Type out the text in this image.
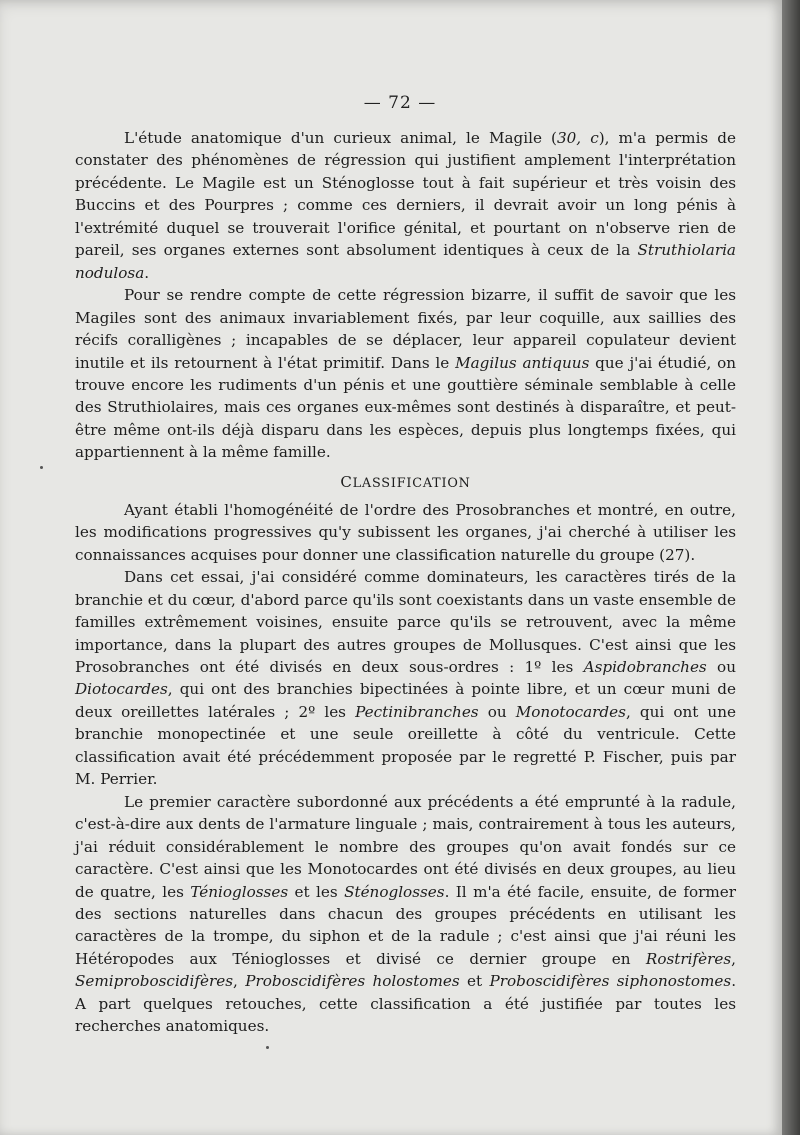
— 72 —

L'étude anatomique d'un curieux animal, le Magile (30, c), m'a permis de constater des phénomènes de régression qui justifient amplement l'interprétation précédente. Le Magile est un Sténoglosse tout à fait supérieur et très voisin des Buccins et des Pourpres ; comme ces derniers, il devrait avoir un long pénis à l'extrémité duquel se trouverait l'orifice génital, et pourtant on n'observe rien de pareil, ses organes externes sont absolument identiques à ceux de la Struthiolaria nodulosa.

Pour se rendre compte de cette régression bizarre, il suffit de savoir que les Magiles sont des animaux invariablement fixés, par leur coquille, aux saillies des récifs coralligènes ; incapables de se déplacer, leur appareil copulateur devient inutile et ils retournent à l'état primitif. Dans le Magilus antiquus que j'ai étudié, on trouve encore les rudiments d'un pénis et une gouttière séminale semblable à celle des Struthiolaires, mais ces organes eux-mêmes sont destinés à disparaître, et peut-être même ont-ils déjà disparu dans les espèces, depuis plus longtemps fixées, qui appartiennent à la même famille.

CLASSIFICATION

Ayant établi l'homogénéité de l'ordre des Prosobranches et montré, en outre, les modifications progressives qu'y subissent les organes, j'ai cherché à utiliser les connaissances acquises pour donner une classification naturelle du groupe (27).

Dans cet essai, j'ai considéré comme dominateurs, les caractères tirés de la branchie et du cœur, d'abord parce qu'ils sont coexistants dans un vaste ensemble de familles extrêmement voisines, ensuite parce qu'ils se retrouvent, avec la même importance, dans la plupart des autres groupes de Mollusques. C'est ainsi que les Prosobranches ont été divisés en deux sous-ordres : 1º les Aspidobranches ou Diotocardes, qui ont des branchies bipectinées à pointe libre, et un cœur muni de deux oreillettes latérales ; 2º les Pectinibranches ou Monotocardes, qui ont une branchie monopectinée et une seule oreillette à côté du ventricule. Cette classification avait été précédemment proposée par le regretté P. Fischer, puis par M. Perrier.

Le premier caractère subordonné aux précédents a été emprunté à la radule, c'est-à-dire aux dents de l'armature linguale ; mais, contrairement à tous les auteurs, j'ai réduit considérablement le nombre des groupes qu'on avait fondés sur ce caractère. C'est ainsi que les Monotocardes ont été divisés en deux groupes, au lieu de quatre, les Ténioglosses et les Sténoglosses. Il m'a été facile, ensuite, de former des sections naturelles dans chacun des groupes précédents en utilisant les caractères de la trompe, du siphon et de la radule ; c'est ainsi que j'ai réuni les Hétéropodes aux Ténioglosses et divisé ce dernier groupe en Rostrifères, Semiproboscidifères, Proboscidifères holostomes et Proboscidifères siphonostomes. A part quelques retouches, cette classification a été justifiée par toutes les recherches anatomiques.
